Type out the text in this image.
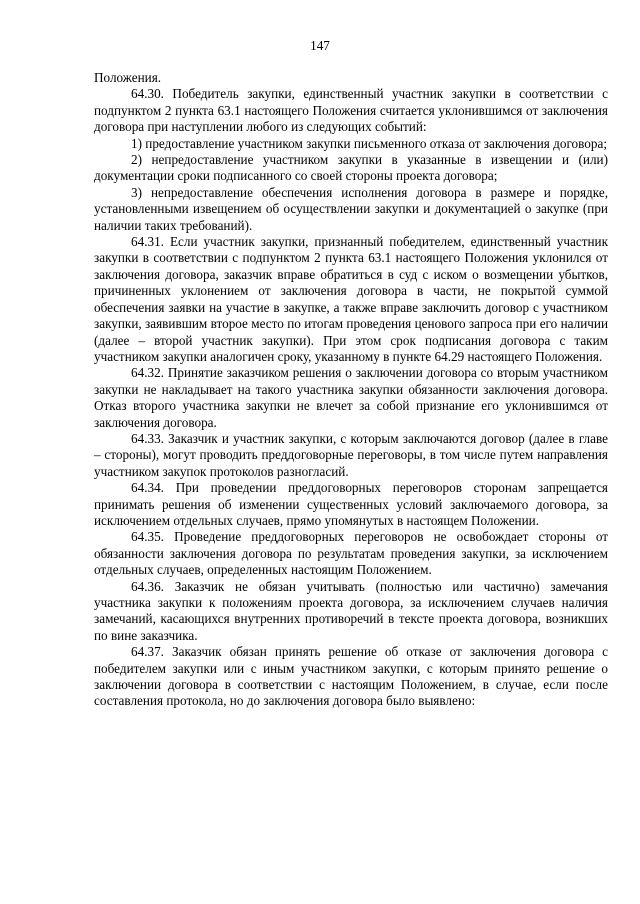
147

Положения.

64.30. Победитель закупки, единственный участник закупки в соответствии с подпунктом 2 пункта 63.1 настоящего Положения считается уклонившимся от заключения договора при наступлении любого из следующих событий:

1) предоставление участником закупки письменного отказа от заключения договора;

2) непредоставление участником закупки в указанные в извещении и (или) документации сроки подписанного со своей стороны проекта договора;

3) непредоставление обеспечения исполнения договора в размере и порядке, установленными извещением об осуществлении закупки и документацией о закупке (при наличии таких требований).

64.31. Если участник закупки, признанный победителем, единственный участник закупки в соответствии с подпунктом 2 пункта 63.1 настоящего Положения уклонился от заключения договора, заказчик вправе обратиться в суд с иском о возмещении убытков, причиненных уклонением от заключения договора в части, не покрытой суммой обеспечения заявки на участие в закупке, а также вправе заключить договор с участником закупки, заявившим второе место по итогам проведения ценового запроса при его наличии (далее – второй участник закупки). При этом срок подписания договора с таким участником закупки аналогичен сроку, указанному в пункте 64.29 настоящего Положения.

64.32. Принятие заказчиком решения о заключении договора со вторым участником закупки не накладывает на такого участника закупки обязанности заключения договора. Отказ второго участника закупки не влечет за собой признание его уклонившимся от заключения договора.

64.33. Заказчик и участник закупки, с которым заключаются договор (далее в главе – стороны), могут проводить преддоговорные переговоры, в том числе путем направления участником закупок протоколов разногласий.

64.34. При проведении преддоговорных переговоров сторонам запрещается принимать решения об изменении существенных условий заключаемого договора, за исключением отдельных случаев, прямо упомянутых в настоящем Положении.

64.35. Проведение преддоговорных переговоров не освобождает стороны от обязанности заключения договора по результатам проведения закупки, за исключением отдельных случаев, определенных настоящим Положением.

64.36. Заказчик не обязан учитывать (полностью или частично) замечания участника закупки к положениям проекта договора, за исключением случаев наличия замечаний, касающихся внутренних противоречий в тексте проекта договора, возникших по вине заказчика.

64.37. Заказчик обязан принять решение об отказе от заключения договора с победителем закупки или с иным участником закупки, с которым принято решение о заключении договора в соответствии с настоящим Положением, в случае, если после составления протокола, но до заключения договора было выявлено:
